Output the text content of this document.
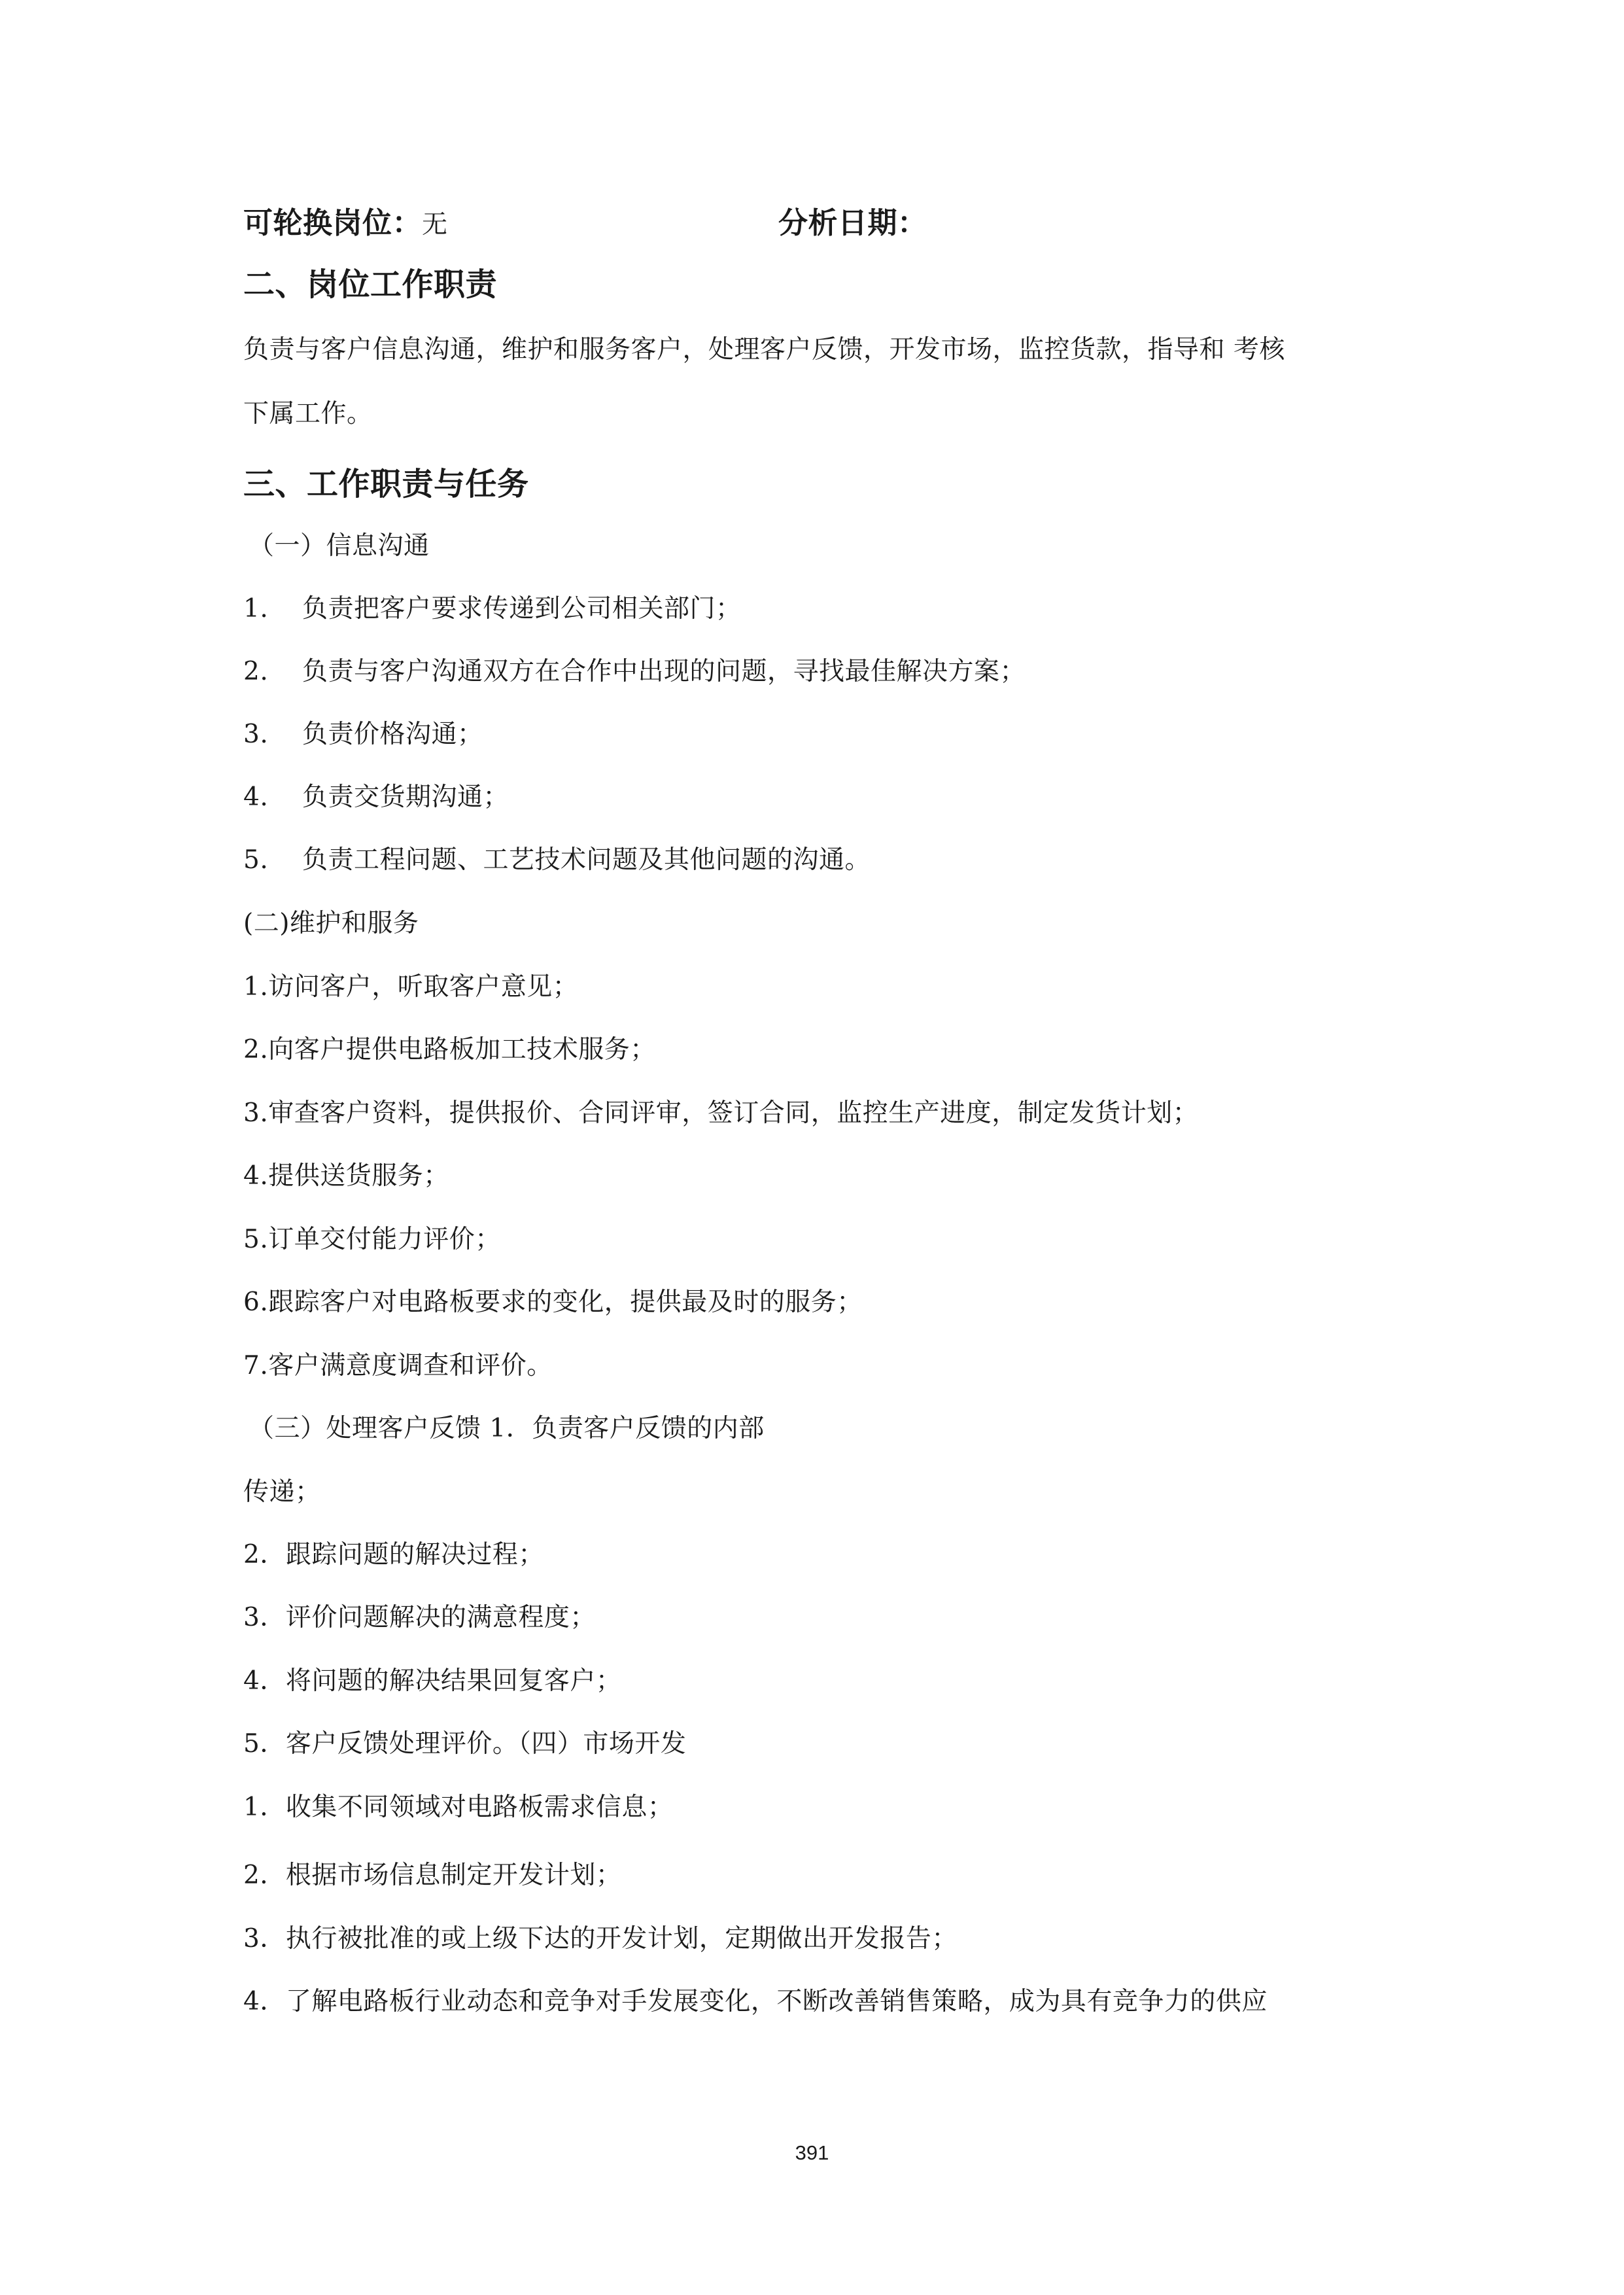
可轮换岗位：无	分析日期：
二、岗位工作职责
负责与客户信息沟通，维护和服务客户，处理客户反馈，开发市场，监控货款，指导和 考核
下属工作。
三、工作职责与任务
（一）信息沟通
1. 负责把客户要求传递到公司相关部门；
2. 负责与客户沟通双方在合作中出现的问题，寻找最佳解决方案；
3. 负责价格沟通；
4. 负责交货期沟通；
5. 负责工程问题、工艺技术问题及其他问题的沟通。
(二)维护和服务
1.访问客户，听取客户意见；
2.向客户提供电路板加工技术服务；
3.审查客户资料，提供报价、合同评审，签订合同，监控生产进度，制定发货计划；
4.提供送货服务；
5.订单交付能力评价；
6.跟踪客户对电路板要求的变化，提供最及时的服务；
7.客户满意度调查和评价。
（三）处理客户反馈 1．负责客户反馈的内部
传递；
2．跟踪问题的解决过程；
3．评价问题解决的满意程度；
4．将问题的解决结果回复客户；
5．客户反馈处理评价。（四）市场开发
1．收集不同领域对电路板需求信息；
2．根据市场信息制定开发计划；
3．执行被批准的或上级下达的开发计划，定期做出开发报告；
4．了解电路板行业动态和竞争对手发展变化，不断改善销售策略，成为具有竞争力的供应
391
